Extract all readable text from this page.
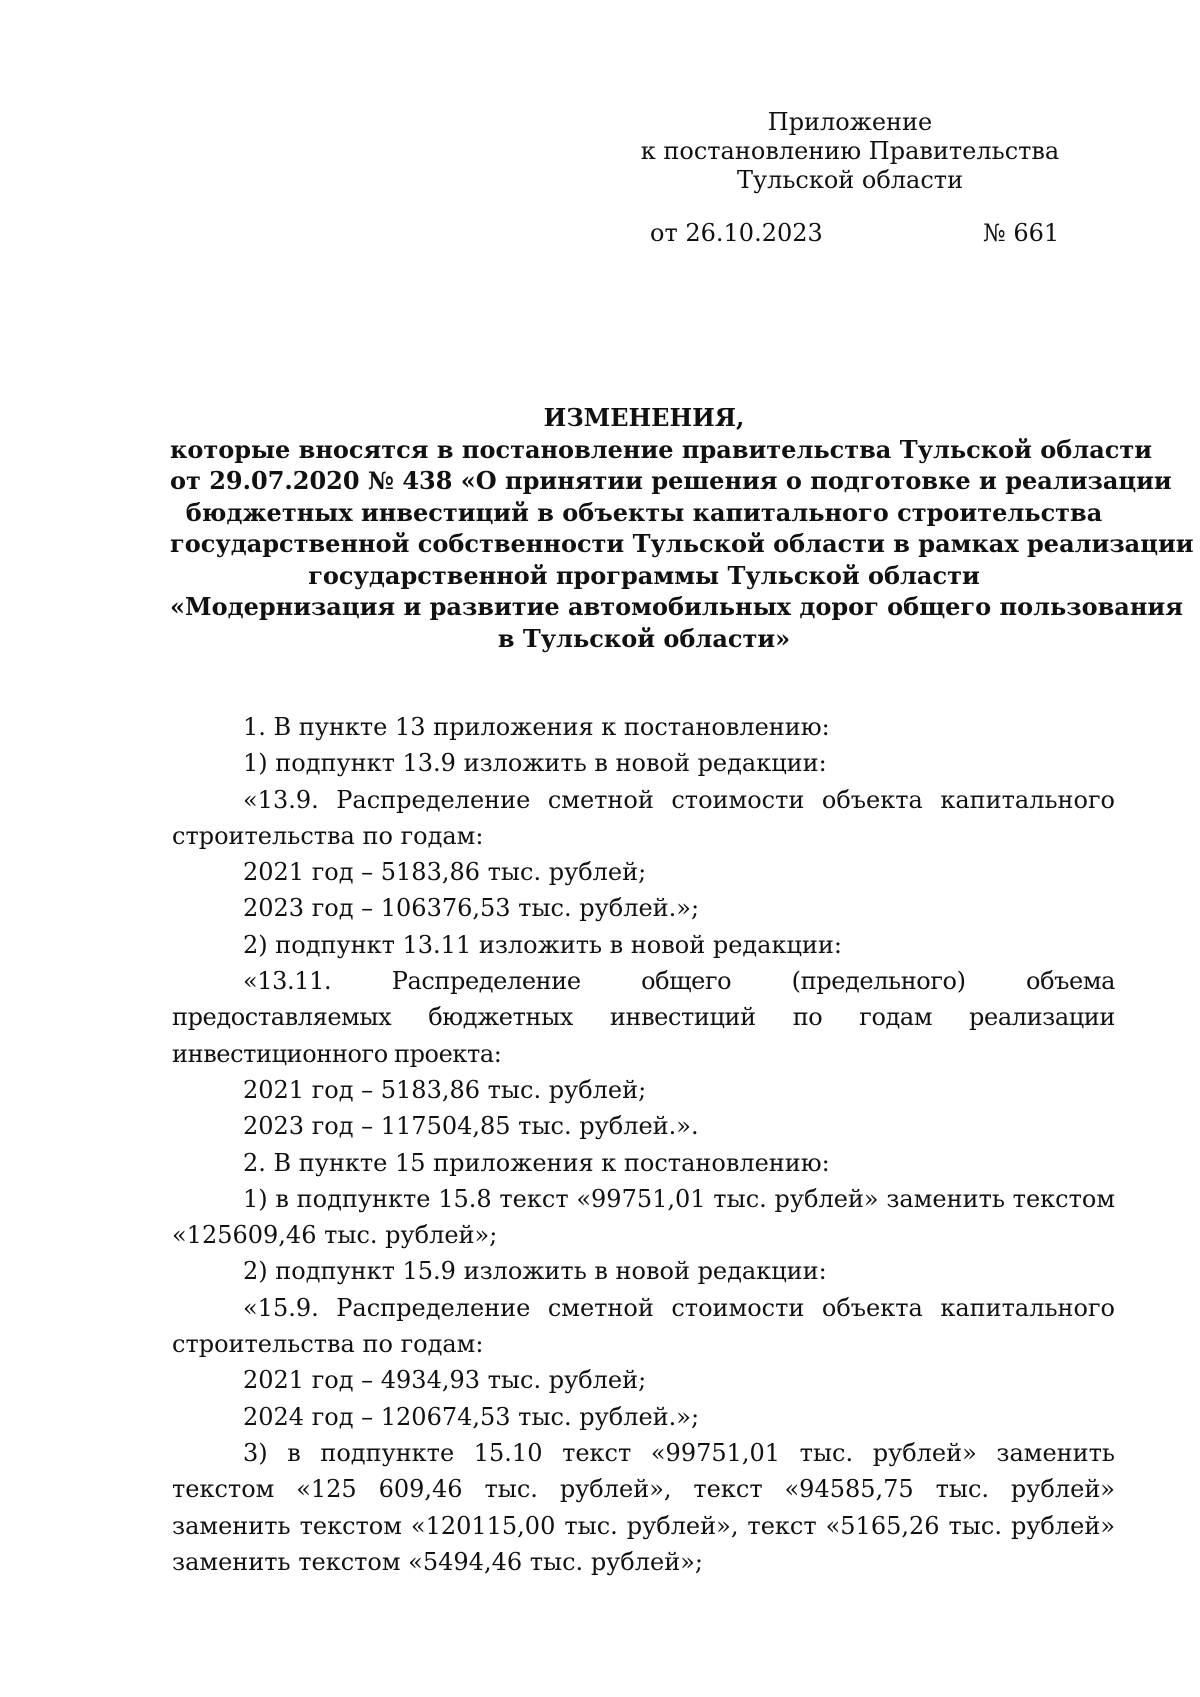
Приложение
к постановлению Правительства
Тульской области
от 26.10.2023	№ 661
ИЗМЕНЕНИЯ,
которые вносятся в постановление правительства Тульской области
от 29.07.2020 № 438 «О принятии решения о подготовке и реализации
бюджетных инвестиций в объекты капитального строительства
государственной собственности Тульской области в рамках реализации
государственной программы Тульской области
«Модернизация и развитие автомобильных дорог общего пользования
в Тульской области»

1. В пункте 13 приложения к постановлению:

1) подпункт 13.9 изложить в новой редакции:

«13.9. Распределение сметной стоимости объекта капитального строительства по годам:

2021 год – 5183,86 тыс. рублей;

2023 год – 106376,53 тыс. рублей.»;

2) подпункт 13.11 изложить в новой редакции:

«13.11. Распределение общего (предельного) объема предоставляемых бюджетных инвестиций по годам реализации инвестиционного проекта:

2021 год – 5183,86 тыс. рублей;

2023 год – 117504,85 тыс. рублей.».

2. В пункте 15 приложения к постановлению:

1) в подпункте 15.8 текст «99751,01 тыс. рублей» заменить текстом «125609,46 тыс. рублей»;

2) подпункт 15.9 изложить в новой редакции:

«15.9. Распределение сметной стоимости объекта капитального строительства по годам:

2021 год – 4934,93 тыс. рублей;

2024 год – 120674,53 тыс. рублей.»;

3) в подпункте 15.10 текст «99751,01 тыс. рублей» заменить текстом «125 609,46 тыс. рублей», текст «94585,75 тыс. рублей» заменить текстом «120115,00 тыс. рублей», текст «5165,26 тыс. рублей» заменить текстом «5494,46 тыс. рублей»;
